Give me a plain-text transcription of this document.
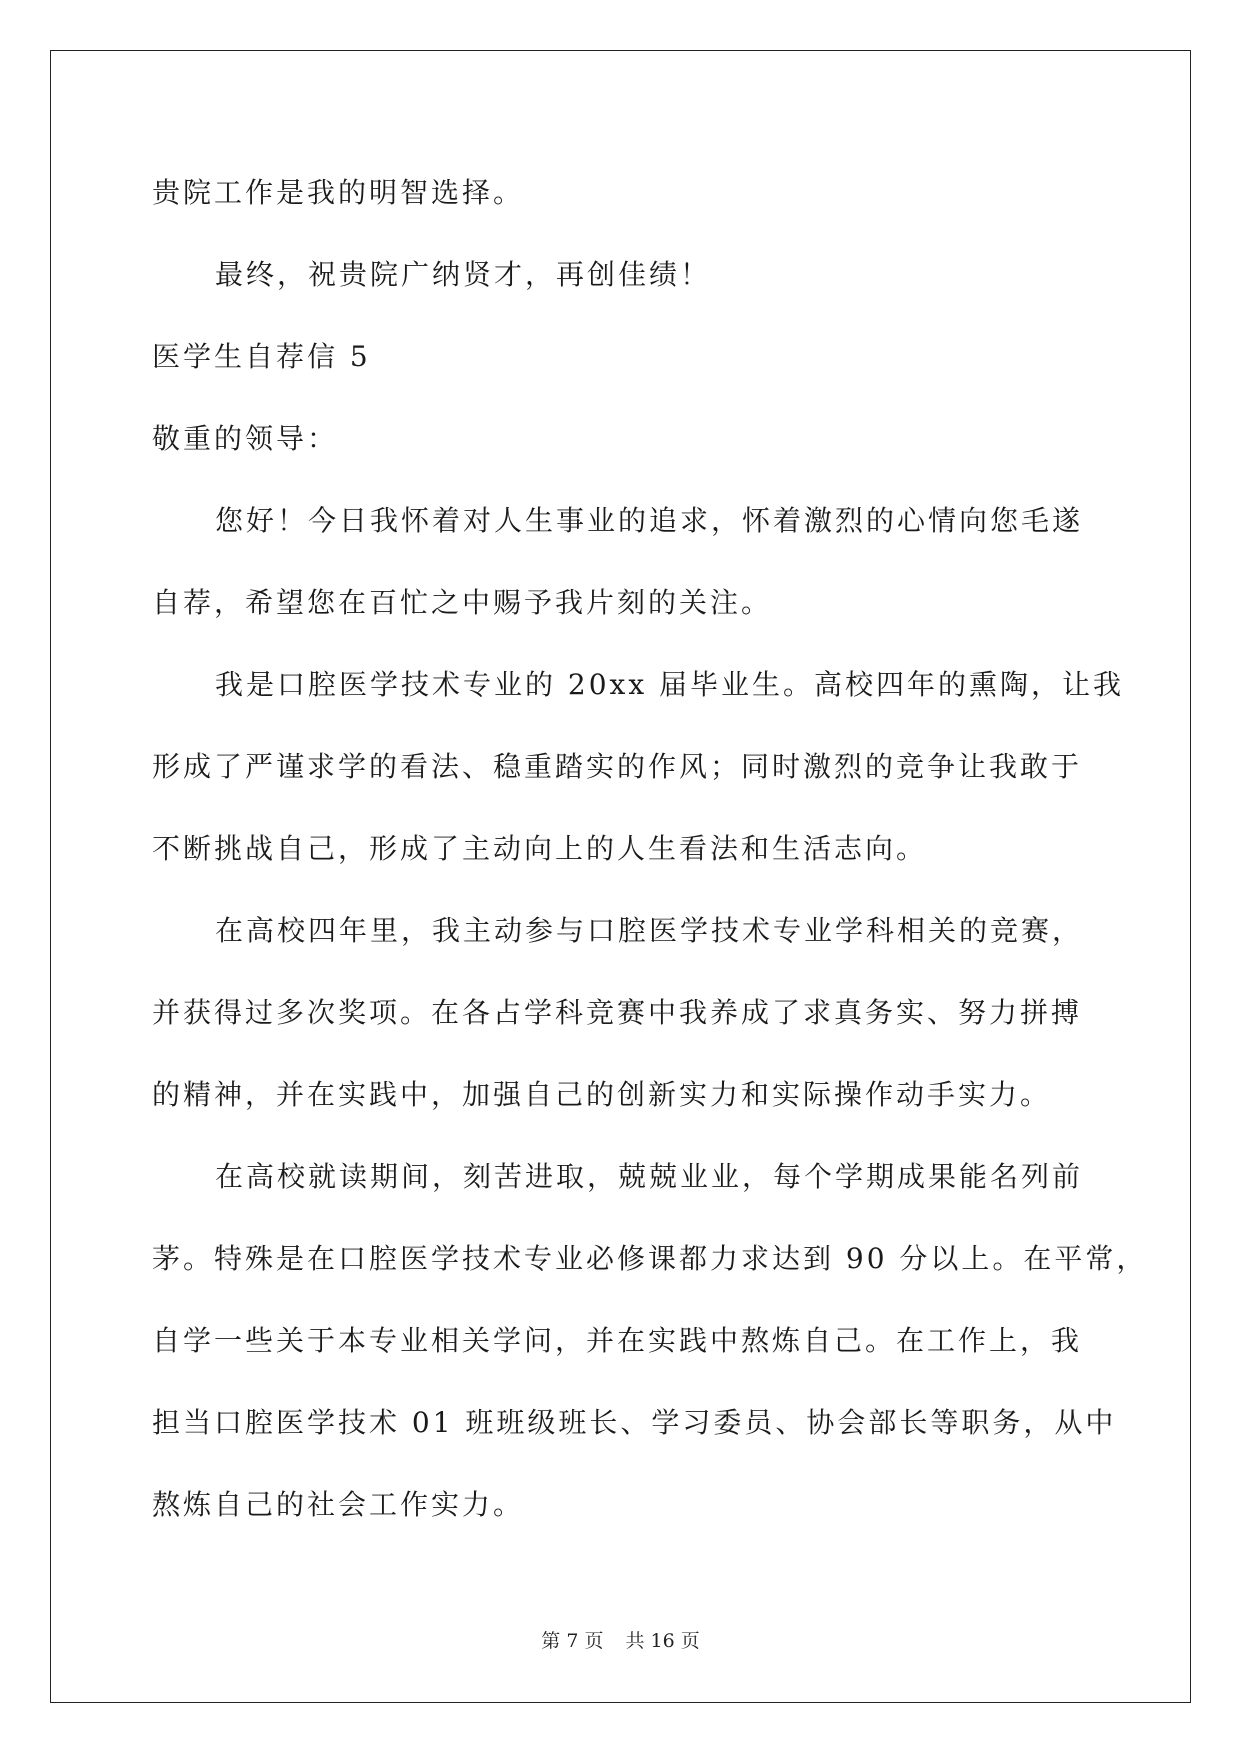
贵院工作是我的明智选择。
最终，祝贵院广纳贤才，再创佳绩！
医学生自荐信 5
敬重的领导：
您好！今日我怀着对人生事业的追求，怀着激烈的心情向您毛遂
自荐，希望您在百忙之中赐予我片刻的关注。
我是口腔医学技术专业的 20xx 届毕业生。高校四年的熏陶，让我
形成了严谨求学的看法、稳重踏实的作风；同时激烈的竞争让我敢于
不断挑战自己，形成了主动向上的人生看法和生活志向。
在高校四年里，我主动参与口腔医学技术专业学科相关的竞赛，
并获得过多次奖项。在各占学科竞赛中我养成了求真务实、努力拼搏
的精神，并在实践中，加强自己的创新实力和实际操作动手实力。
在高校就读期间，刻苦进取，兢兢业业，每个学期成果能名列前
茅。特殊是在口腔医学技术专业必修课都力求达到 90 分以上。在平常，
自学一些关于本专业相关学问，并在实践中熬炼自己。在工作上，我
担当口腔医学技术 01 班班级班长、学习委员、协会部长等职务，从中
熬炼自己的社会工作实力。
第 7 页 共 16 页
